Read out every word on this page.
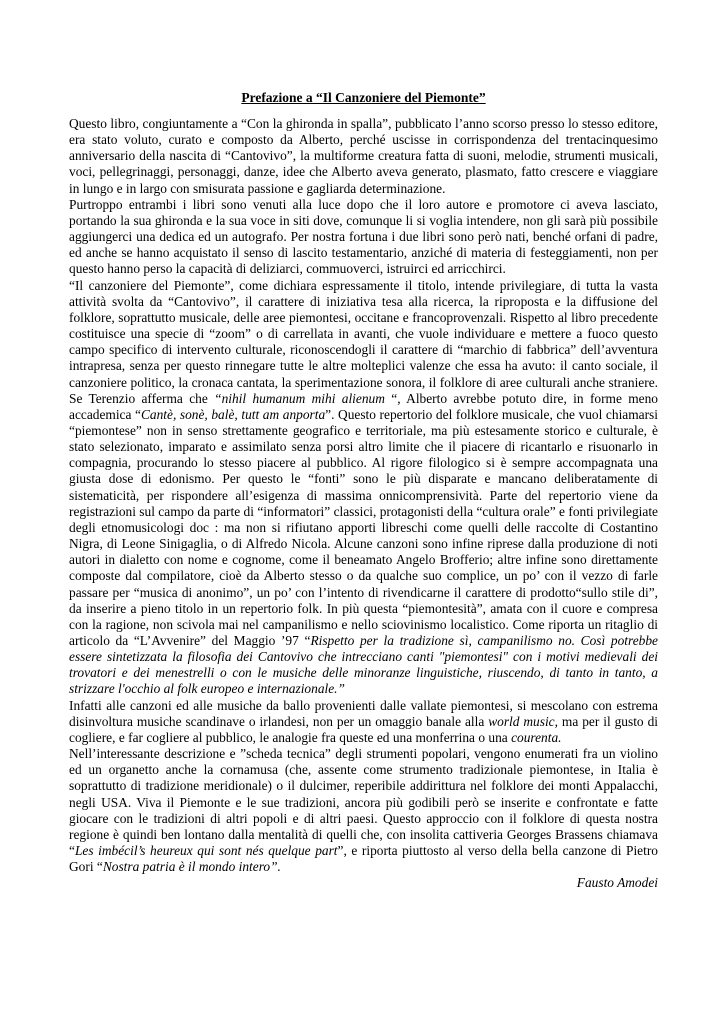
Prefazione a “Il Canzoniere del Piemonte”

Questo libro, congiuntamente a “Con la ghironda in spalla”, pubblicato l’anno scorso presso lo stesso editore, era stato voluto, curato e composto da Alberto, perché uscisse in corrispondenza del trentacinquesimo anniversario della nascita di “Cantovivo”, la multiforme creatura fatta di suoni, melodie, strumenti musicali, voci, pellegrinaggi, personaggi, danze, idee che Alberto aveva generato, plasmato, fatto crescere e viaggiare in lungo e in largo con smisurata passione e gagliarda determinazione.

Purtroppo entrambi i libri sono venuti alla luce dopo che il loro autore e promotore ci aveva lasciato, portando la sua ghironda e la sua voce in siti dove, comunque li si voglia intendere, non gli sarà più possibile aggiungerci una dedica ed un autografo. Per nostra fortuna i due libri sono però nati, benché orfani di padre, ed anche se hanno acquistato il senso di lascito testamentario, anziché di materia di festeggiamenti, non per questo hanno perso la capacità di deliziarci, commuoverci, istruirci ed arricchirci.

“Il canzoniere del Piemonte”, come dichiara espressamente il titolo, intende privilegiare, di tutta la vasta attività svolta da “Cantovivo”, il carattere di iniziativa tesa alla ricerca, la riproposta e la diffusione del folklore, soprattutto musicale, delle aree piemontesi, occitane e francoprovenzali. Rispetto al libro precedente costituisce una specie di “zoom” o di carrellata in avanti, che vuole individuare e mettere a fuoco questo campo specifico di intervento culturale, riconoscendogli il carattere di “marchio di fabbrica” dell’avventura intrapresa, senza per questo rinnegare tutte le altre molteplici valenze che essa ha avuto: il canto sociale, il canzoniere politico, la cronaca cantata, la sperimentazione sonora, il folklore di aree culturali anche straniere. Se Terenzio afferma che “nihil humanum mihi alienum “, Alberto avrebbe potuto dire, in forme meno accademica “Cantè, sonè, balè, tutt am anporta”. Questo repertorio del folklore musicale, che vuol chiamarsi “piemontese” non in senso strettamente geografico e territoriale, ma più estesamente storico e culturale, è stato selezionato, imparato e assimilato senza porsi altro limite che il piacere di ricantarlo e risuonarlo in compagnia, procurando lo stesso piacere al pubblico. Al rigore filologico si è sempre accompagnata una giusta dose di edonismo. Per questo le “fonti” sono le più disparate e mancano deliberatamente di sistematicità, per rispondere all’esigenza di massima onnicomprensività. Parte del repertorio viene da registrazioni sul campo da parte di “informatori” classici, protagonisti della “cultura orale” e fonti privilegiate degli etnomusicologi doc : ma non si rifiutano apporti libreschi come quelli delle raccolte di Costantino Nigra, di Leone Sinigaglia, o di Alfredo Nicola. Alcune canzoni sono infine riprese dalla produzione di noti autori in dialetto con nome e cognome, come il beneamato Angelo Brofferio; altre infine sono direttamente composte dal compilatore, cioè da Alberto stesso o da qualche suo complice, un po’ con il vezzo di farle passare per “musica di anonimo”, un po’ con l’intento di rivendicarne il carattere di prodotto“sullo stile di”, da inserire a pieno titolo in un repertorio folk. In più questa “piemontesità”, amata con il cuore e compresa con la ragione, non scivola mai nel campanilismo e nello sciovinismo localistico. Come riporta un ritaglio di articolo da “L’Avvenire” del Maggio ’97 “Rispetto per la tradizione sì, campanilismo no. Così potrebbe essere sintetizzata la filosofia dei Cantovivo che intrecciano canti "piemontesi" con i motivi medievali dei trovatori e dei menestrelli o con le musiche delle minoranze linguistiche, riuscendo, di tanto in tanto, a strizzare l'occhio al folk europeo e internazionale.”

Infatti alle canzoni ed alle musiche da ballo provenienti dalle vallate piemontesi, si mescolano con estrema disinvoltura musiche scandinave o irlandesi, non per un omaggio banale alla world music, ma per il gusto di cogliere, e far cogliere al pubblico, le analogie fra queste ed una monferrina o una courenta.

Nell’interessante descrizione e ”scheda tecnica” degli strumenti popolari, vengono enumerati fra un violino ed un organetto anche la cornamusa (che, assente come strumento tradizionale piemontese, in Italia è soprattutto di tradizione meridionale) o il dulcimer, reperibile addirittura nel folklore dei monti Appalacchi, negli USA. Viva il Piemonte e le sue tradizioni, ancora più godibili però se inserite e confrontate e fatte giocare con le tradizioni di altri popoli e di altri paesi. Questo approccio con il folklore di questa nostra regione è quindi ben lontano dalla mentalità di quelli che, con insolita cattiveria Georges Brassens chiamava “Les imbécil’s heureux qui sont nés quelque part”, e riporta piuttosto al verso della bella canzone di Pietro Gori “Nostra patria è il mondo intero”.

Fausto Amodei
